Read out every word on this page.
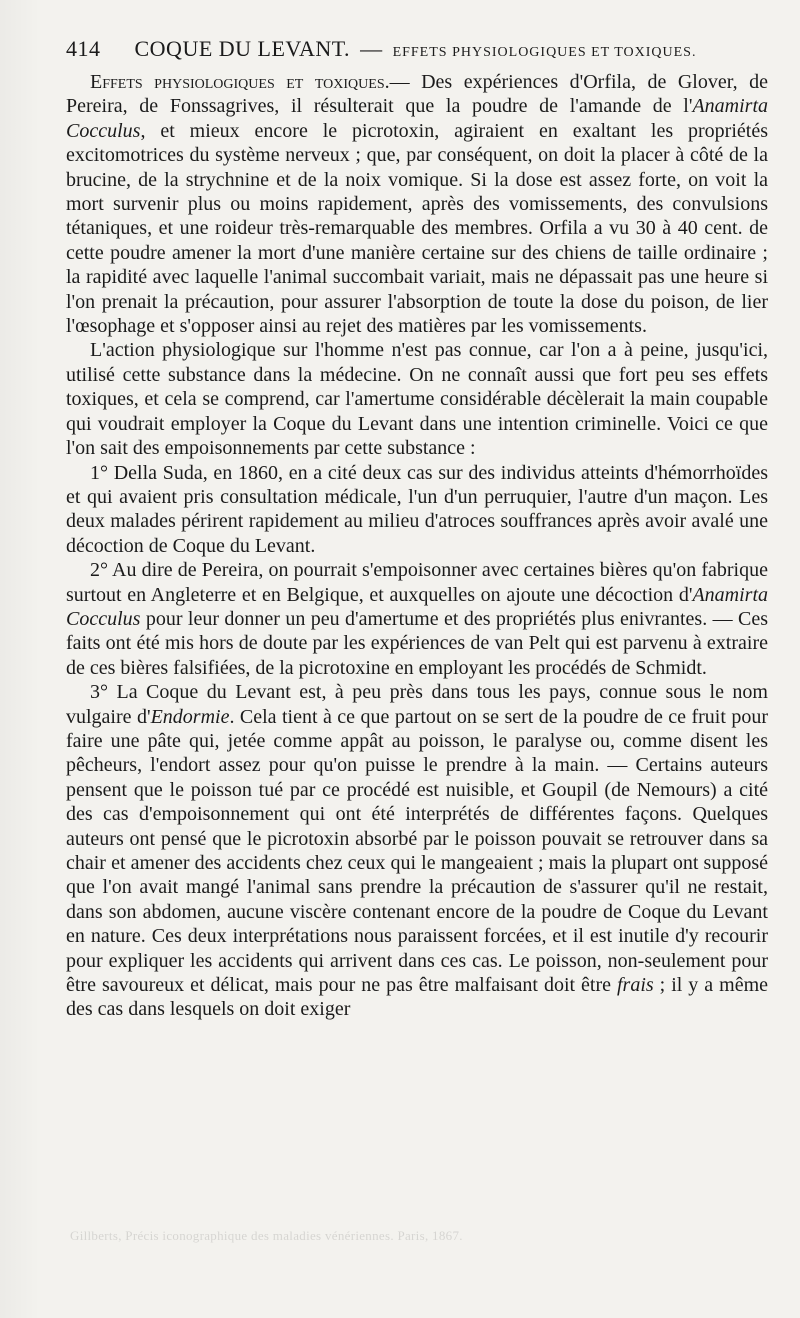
414 COQUE DU LEVANT. — EFFETS PHYSIOLOGIQUES ET TOXIQUES.

Effets physiologiques et toxiques.— Des expériences d'Orfila, de Glover, de Pereira, de Fonssagrives, il résulterait que la poudre de l'amande de l'Anamirta Cocculus, et mieux encore le picrotoxin, agiraient en exaltant les propriétés excitomotrices du système nerveux ; que, par conséquent, on doit la placer à côté de la brucine, de la strychnine et de la noix vomique. Si la dose est assez forte, on voit la mort survenir plus ou moins rapidement, après des vomissements, des convulsions tétaniques, et une roideur très-remarquable des membres. Orfila a vu 30 à 40 cent. de cette poudre amener la mort d'une manière certaine sur des chiens de taille ordinaire ; la rapidité avec laquelle l'animal succombait variait, mais ne dépassait pas une heure si l'on prenait la précaution, pour assurer l'absorption de toute la dose du poison, de lier l'œsophage et s'opposer ainsi au rejet des matières par les vomissements.

L'action physiologique sur l'homme n'est pas connue, car l'on a à peine, jusqu'ici, utilisé cette substance dans la médecine. On ne connaît aussi que fort peu ses effets toxiques, et cela se comprend, car l'amertume considérable décèlerait la main coupable qui voudrait employer la Coque du Levant dans une intention criminelle. Voici ce que l'on sait des empoisonnements par cette substance :

1° Della Suda, en 1860, en a cité deux cas sur des individus atteints d'hémorrhoïdes et qui avaient pris consultation médicale, l'un d'un perruquier, l'autre d'un maçon. Les deux malades périrent rapidement au milieu d'atroces souffrances après avoir avalé une décoction de Coque du Levant.

2° Au dire de Pereira, on pourrait s'empoisonner avec certaines bières qu'on fabrique surtout en Angleterre et en Belgique, et auxquelles on ajoute une décoction d'Anamirta Cocculus pour leur donner un peu d'amertume et des propriétés plus enivrantes. — Ces faits ont été mis hors de doute par les expériences de van Pelt qui est parvenu à extraire de ces bières falsifiées, de la picrotoxine en employant les procédés de Schmidt.

3° La Coque du Levant est, à peu près dans tous les pays, connue sous le nom vulgaire d'Endormie. Cela tient à ce que partout on se sert de la poudre de ce fruit pour faire une pâte qui, jetée comme appât au poisson, le paralyse ou, comme disent les pêcheurs, l'endort assez pour qu'on puisse le prendre à la main. — Certains auteurs pensent que le poisson tué par ce procédé est nuisible, et Goupil (de Nemours) a cité des cas d'empoisonnement qui ont été interprétés de différentes façons. Quelques auteurs ont pensé que le picrotoxin absorbé par le poisson pouvait se retrouver dans sa chair et amener des accidents chez ceux qui le mangeaient ; mais la plupart ont supposé que l'on avait mangé l'animal sans prendre la précaution de s'assurer qu'il ne restait, dans son abdomen, aucune viscère contenant encore de la poudre de Coque du Levant en nature. Ces deux interprétations nous paraissent forcées, et il est inutile d'y recourir pour expliquer les accidents qui arrivent dans ces cas. Le poisson, non-seulement pour être savoureux et délicat, mais pour ne pas être malfaisant doit être frais ; il y a même des cas dans lesquels on doit exiger

Gillberts, Précis iconographique des maladies vénériennes. Paris, 1867.
